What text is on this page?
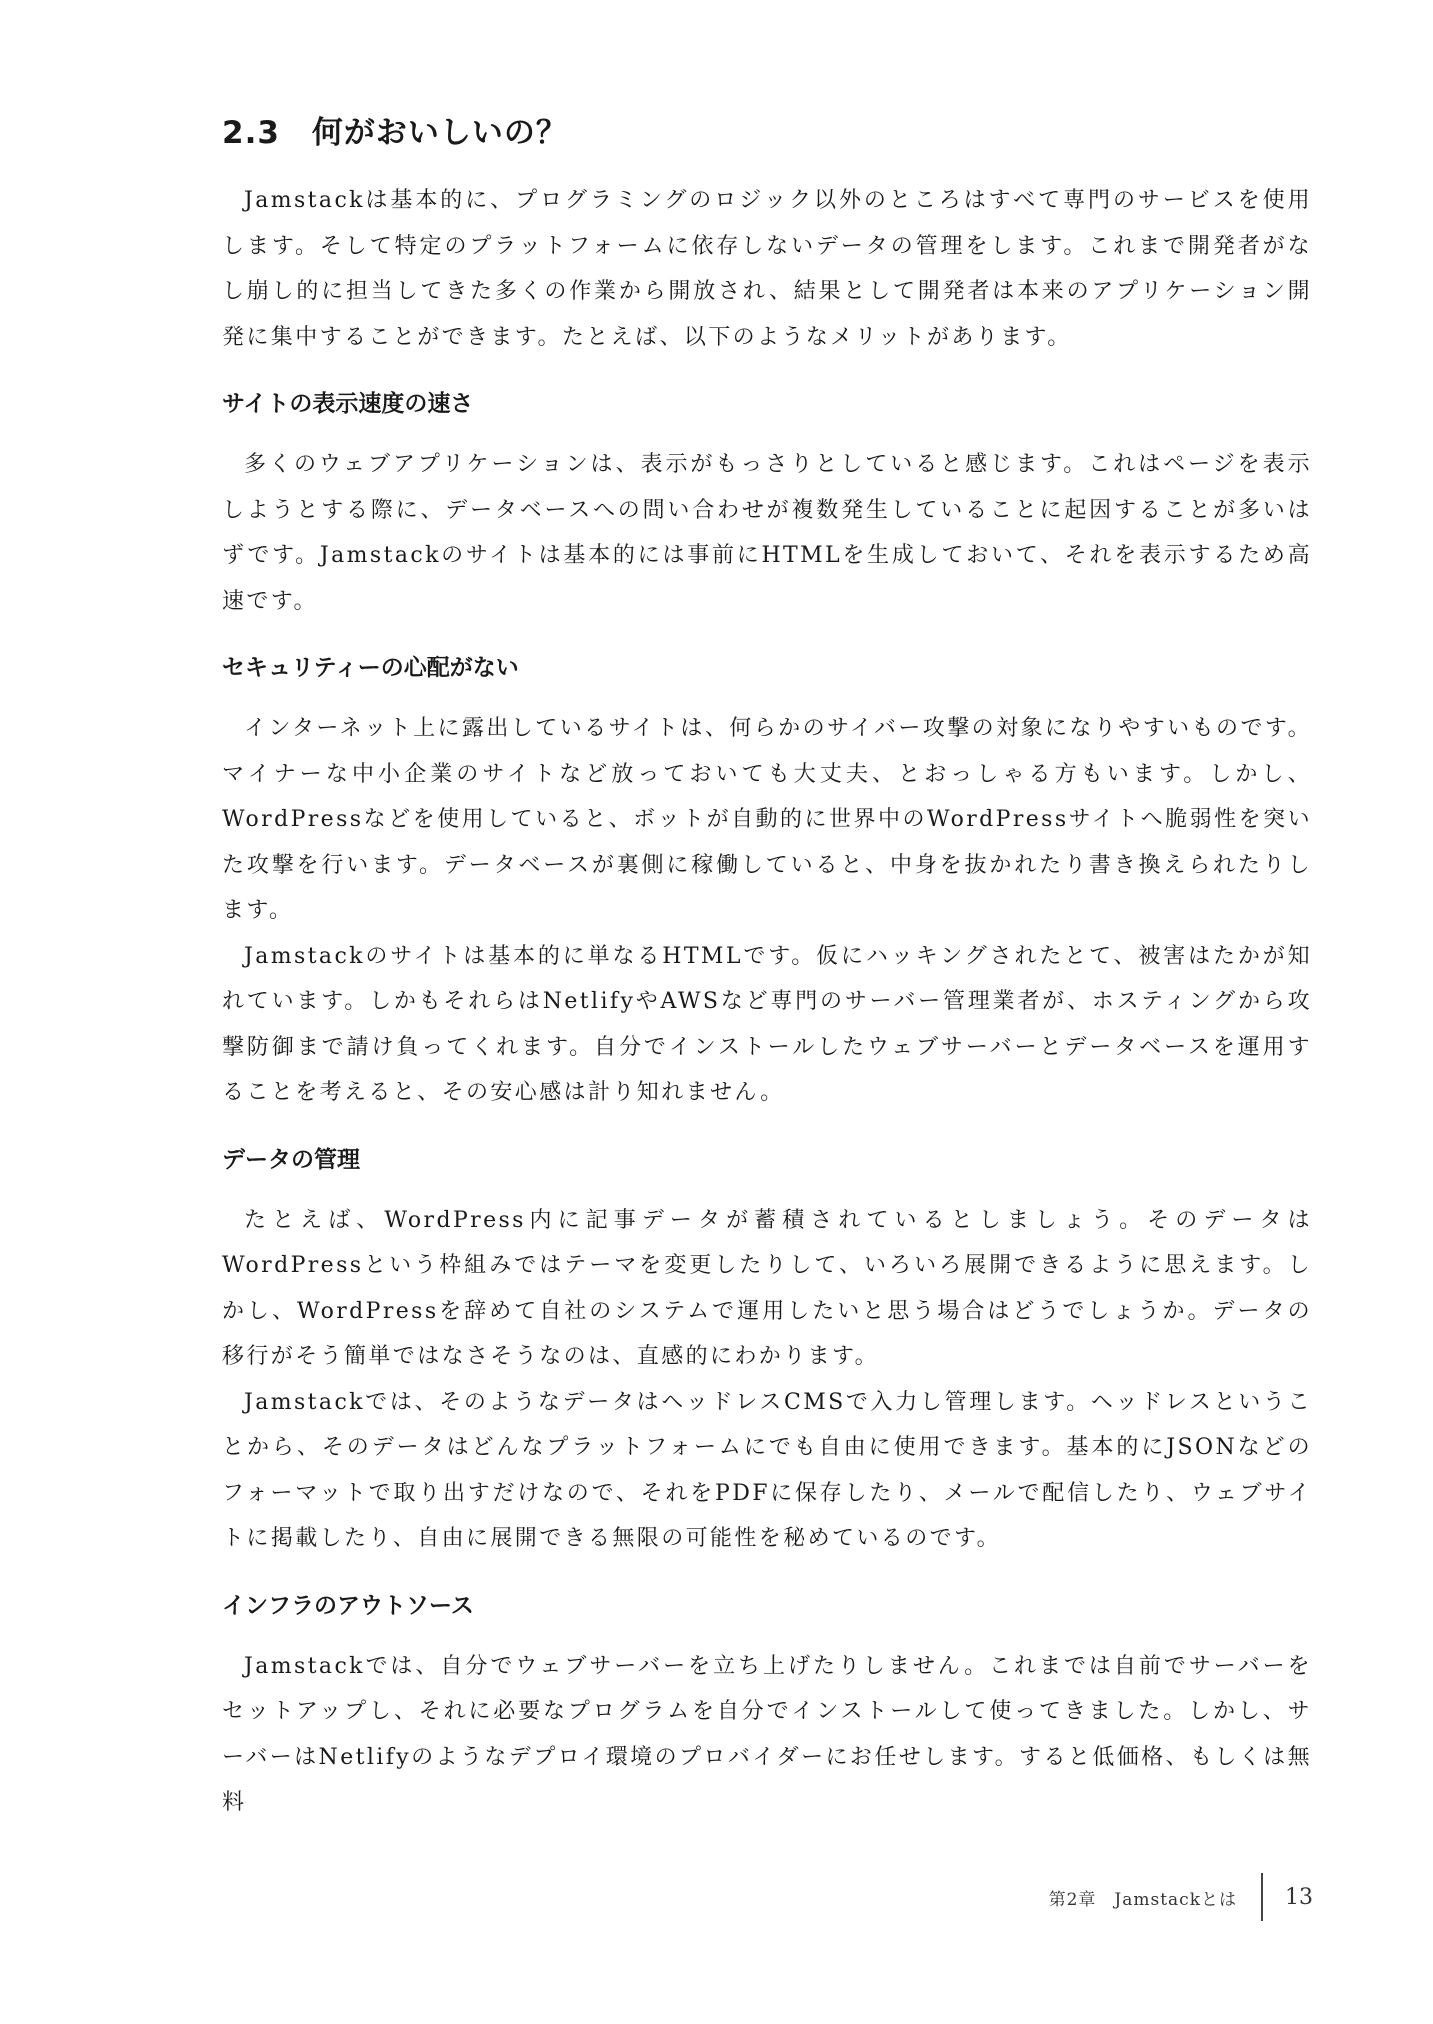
2.3　何がおいしいの？

Jamstackは基本的に、プログラミングのロジック以外のところはすべて専門のサービスを使用します。そして特定のプラットフォームに依存しないデータの管理をします。これまで開発者がなし崩し的に担当してきた多くの作業から開放され、結果として開発者は本来のアプリケーション開発に集中することができます。たとえば、以下のようなメリットがあります。

サイトの表示速度の速さ

多くのウェブアプリケーションは、表示がもっさりとしていると感じます。これはページを表示しようとする際に、データベースへの問い合わせが複数発生していることに起因することが多いはずです。Jamstackのサイトは基本的には事前にHTMLを生成しておいて、それを表示するため高速です。

セキュリティーの心配がない

インターネット上に露出しているサイトは、何らかのサイバー攻撃の対象になりやすいものです。マイナーな中小企業のサイトなど放っておいても大丈夫、とおっしゃる方もいます。しかし、WordPressなどを使用していると、ボットが自動的に世界中のWordPressサイトへ脆弱性を突いた攻撃を行います。データベースが裏側に稼働していると、中身を抜かれたり書き換えられたりします。

Jamstackのサイトは基本的に単なるHTMLです。仮にハッキングされたとて、被害はたかが知れています。しかもそれらはNetlifyやAWSなど専門のサーバー管理業者が、ホスティングから攻撃防御まで請け負ってくれます。自分でインストールしたウェブサーバーとデータベースを運用することを考えると、その安心感は計り知れません。

データの管理

たとえば、WordPress内に記事データが蓄積されているとしましょう。そのデータはWordPressという枠組みではテーマを変更したりして、いろいろ展開できるように思えます。しかし、WordPressを辞めて自社のシステムで運用したいと思う場合はどうでしょうか。データの移行がそう簡単ではなさそうなのは、直感的にわかります。

Jamstackでは、そのようなデータはヘッドレスCMSで入力し管理します。ヘッドレスということから、そのデータはどんなプラットフォームにでも自由に使用できます。基本的にJSONなどのフォーマットで取り出すだけなので、それをPDFに保存したり、メールで配信したり、ウェブサイトに掲載したり、自由に展開できる無限の可能性を秘めているのです。

インフラのアウトソース

Jamstackでは、自分でウェブサーバーを立ち上げたりしません。これまでは自前でサーバーをセットアップし、それに必要なプログラムを自分でインストールして使ってきました。しかし、サーバーはNetlifyのようなデプロイ環境のプロバイダーにお任せします。すると低価格、もしくは無料

第2章　Jamstackとは 13
